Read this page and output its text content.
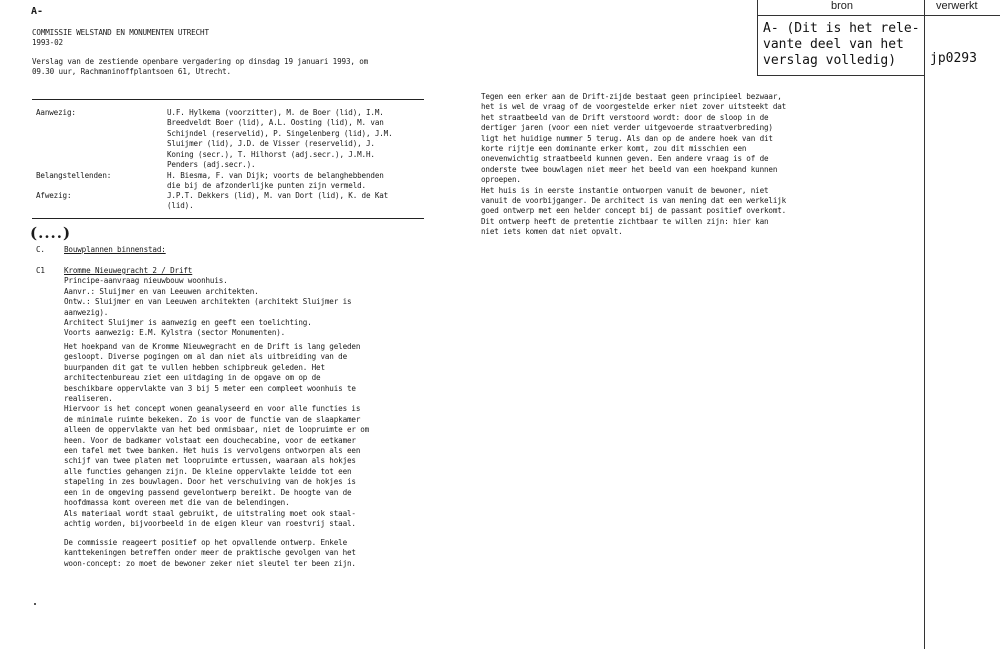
A-
COMMISSIE WELSTAND EN MONUMENTEN UTRECHT
1993-02
Verslag van de zestiende openbare vergadering op dinsdag 19 januari 1993, om
09.30 uur, Rachmaninoffplantsoen 61, Utrecht.
Aanwezig:	U.F. Hylkema (voorzitter), M. de Boer (lid), I.M.
Breedveldt Boer (lid), A.L. Oosting (lid), M. van
Schijndel (reservelid), P. Singelenberg (lid), J.M.
Sluijmer (lid), J.D. de Visser (reservelid), J.
Koning (secr.), T. Hilhorst (adj.secr.), J.M.H.
Penders (adj.secr.).
Belangstellenden:	H. Biesma, F. van Dijk; voorts de belanghebbenden
die bij de afzonderlijke punten zijn vermeld.
Afwezig:	J.P.T. Dekkers (lid), M. van Dort (lid), K. de Kat
(lid).
(....)
C.	Bouwplannen binnenstad:
C1	Kromme Nieuwegracht 2 / Drift
Principe-aanvraag nieuwbouw woonhuis.
Aanvr.: Sluijmer en van Leeuwen architekten.
Ontw.: Sluijmer en van Leeuwen architekten (architekt Sluijmer is
aanwezig).
Architect Sluijmer is aanwezig en geeft een toelichting.
Voorts aanwezig: E.M. Kylstra (sector Monumenten).
Het hoekpand van de Kromme Nieuwegracht en de Drift is lang geleden
gesloopt. Diverse pogingen om al dan niet als uitbreiding van de
buurpanden dit gat te vullen hebben schipbreuk geleden. Het
architectenbureau ziet een uitdaging in de opgave om op de
beschikbare oppervlakte van 3 bij 5 meter een compleet woonhuis te
realiseren.
Hiervoor is het concept wonen geanalyseerd en voor alle functies is
de minimale ruimte bekeken. Zo is voor de functie van de slaapkamer
alleen de oppervlakte van het bed onmisbaar, niet de loopruimte er om
heen. Voor de badkamer volstaat een douchecabine, voor de eetkamer
een tafel met twee banken. Het huis is vervolgens ontworpen als een
schijf van twee platen met loopruimte ertussen, waaraan als hokjes
alle functies gehangen zijn. De kleine oppervlakte leidde tot een
stapeling in zes bouwlagen. Door het verschuiving van de hokjes is
een in de omgeving passend gevelontwerp bereikt. De hoogte van de
hoofdmassa komt overeen met die van de belendingen.
Als materiaal wordt staal gebruikt, de uitstraling moet ook staal-
achtig worden, bijvoorbeeld in de eigen kleur van roestvrij staal.
De commissie reageert positief op het opvallende ontwerp. Enkele
kanttekeningen betreffen onder meer de praktische gevolgen van het
woon-concept: zo moet de bewoner zeker niet sleutel ter been zijn.
Tegen een erker aan de Drift-zijde bestaat geen principieel bezwaar,
het is wel de vraag of de voorgestelde erker niet zover uitsteekt dat
het straatbeeld van de Drift verstoord wordt: door de sloop in de
dertiger jaren (voor een niet verder uitgevoerde straatverbreding)
ligt het huidige nummer 5 terug. Als dan op de andere hoek van dit
korte rijtje een dominante erker komt, zou dit misschien een
onevenwichtig straatbeeld kunnen geven. Een andere vraag is of de
onderste twee bouwlagen niet meer het beeld van een hoekpand kunnen
oproepen.
Het huis is in eerste instantie ontworpen vanuit de bewoner, niet
vanuit de voorbijganger. De architect is van mening dat een werkelijk
goed ontwerp met een helder concept bij de passant positief overkomt.
Dit ontwerp heeft de pretentie zichtbaar te willen zijn: hier kan
niet iets komen dat niet opvalt.
bron	verwerkt
A- (Dit is het rele-
vante deel van het
verslag volledig)	jp0293
